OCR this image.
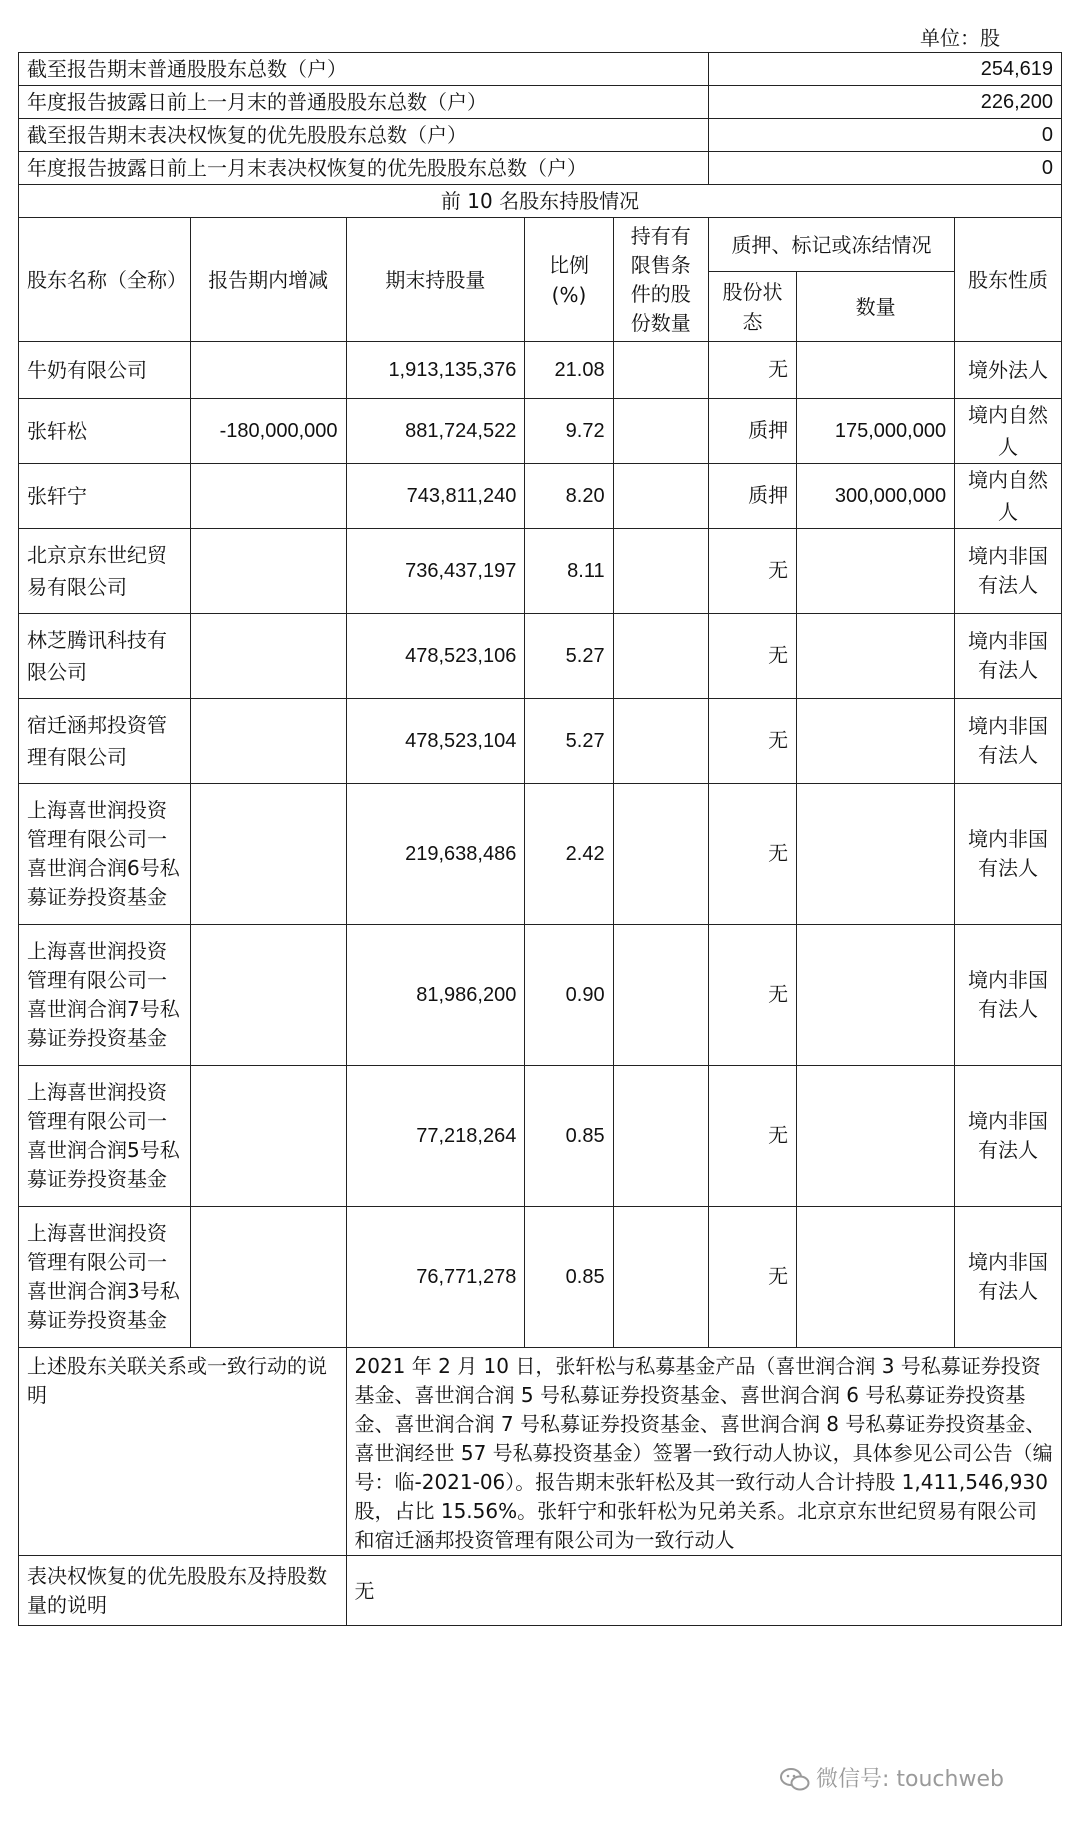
单位：股
截至报告期末普通股股东总数（户）					254,619		
年度报告披露日前上一月末的普通股股东总数（户）					226,200		
截至报告期末表决权恢复的优先股股东总数（户）					0		
年度报告披露日前上一月末表决权恢复的优先股股东总数（户）					0		
前 10 名股东持股情况							
股东名称（全称）	报告期内增减	期末持股量	比例(%)	持有有限售条件的股份数量	质押、标记或冻结情况		股东性质
					股份状态	数量	
牛奶有限公司		1,913,135,376	21.08		无		境外法人
张轩松	-180,000,000	881,724,522	9.72		质押	175,000,000	境内自然人
张轩宁		743,811,240	8.20		质押	300,000,000	境内自然人
北京京东世纪贸易有限公司		736,437,197	8.11		无		境内非国有法人
林芝腾讯科技有限公司		478,523,106	5.27		无		境内非国有法人
宿迁涵邦投资管理有限公司		478,523,104	5.27		无		境内非国有法人
上海喜世润投资管理有限公司一喜世润合润6号私募证券投资基金		219,638,486	2.42		无		境内非国有法人
上海喜世润投资管理有限公司一喜世润合润7号私募证券投资基金		81,986,200	0.90		无		境内非国有法人
上海喜世润投资管理有限公司一喜世润合润5号私募证券投资基金		77,218,264	0.85		无		境内非国有法人
上海喜世润投资管理有限公司一喜世润合润3号私募证券投资基金		76,771,278	0.85		无		境内非国有法人
上述股东关联关系或一致行动的说明		2021 年 2 月 10 日，张轩松与私募基金产品（喜世润合润 3 号私募证券投资基金、喜世润合润 5 号私募证券投资基金、喜世润合润 6 号私募证券投资基金、喜世润合润 7 号私募证券投资基金、喜世润合润 8 号私募证券投资基金、喜世润经世 57 号私募投资基金）签署一致行动人协议，具体参见公司公告（编号：临-2021-06）。报告期末张轩松及其一致行动人合计持股 1,411,546,930 股，占比 15.56%。张轩宁和张轩松为兄弟关系。北京京东世纪贸易有限公司和宿迁涵邦投资管理有限公司为一致行动人					
表决权恢复的优先股股东及持股数量的说明		无					
微信号: touchweb
